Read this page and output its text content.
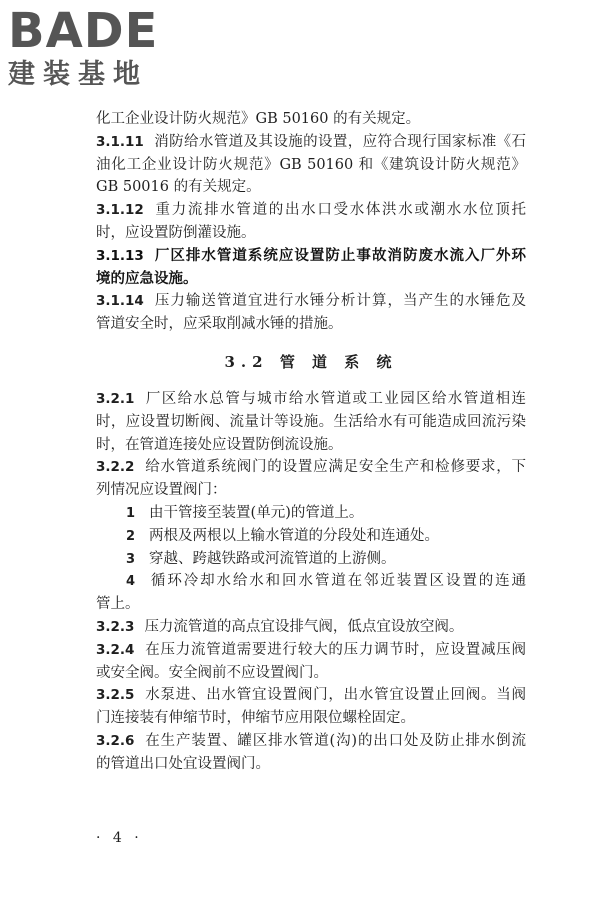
BADE
建装基地
化工企业设计防火规范》GB 50160 的有关规定。
3.1.11 消防给水管道及其设施的设置，应符合现行国家标准《石
油化工企业设计防火规范》GB 50160 和《建筑设计防火规范》
GB 50016 的有关规定。
3.1.12 重力流排水管道的出水口受水体洪水或潮水水位顶托
时，应设置防倒灌设施。
3.1.13 厂区排水管道系统应设置防止事故消防废水流入厂外环
境的应急设施。
3.1.14 压力输送管道宜进行水锤分析计算，当产生的水锤危及
管道安全时，应采取削减水锤的措施。
3.2 管 道 系 统
3.2.1 厂区给水总管与城市给水管道或工业园区给水管道相连
时，应设置切断阀、流量计等设施。生活给水有可能造成回流污染
时，在管道连接处应设置防倒流设施。
3.2.2 给水管道系统阀门的设置应满足安全生产和检修要求，下
列情况应设置阀门：
1 由干管接至装置(单元)的管道上。
2 两根及两根以上输水管道的分段处和连通处。
3 穿越、跨越铁路或河流管道的上游侧。
4 循环冷却水给水和回水管道在邻近装置区设置的连通
管上。
3.2.3 压力流管道的高点宜设排气阀，低点宜设放空阀。
3.2.4 在压力流管道需要进行较大的压力调节时，应设置减压阀
或安全阀。安全阀前不应设置阀门。
3.2.5 水泵进、出水管宜设置阀门，出水管宜设置止回阀。当阀
门连接装有伸缩节时，伸缩节应用限位螺栓固定。
3.2.6 在生产装置、罐区排水管道(沟)的出口处及防止排水倒流
的管道出口处宜设置阀门。
· 4 ·
